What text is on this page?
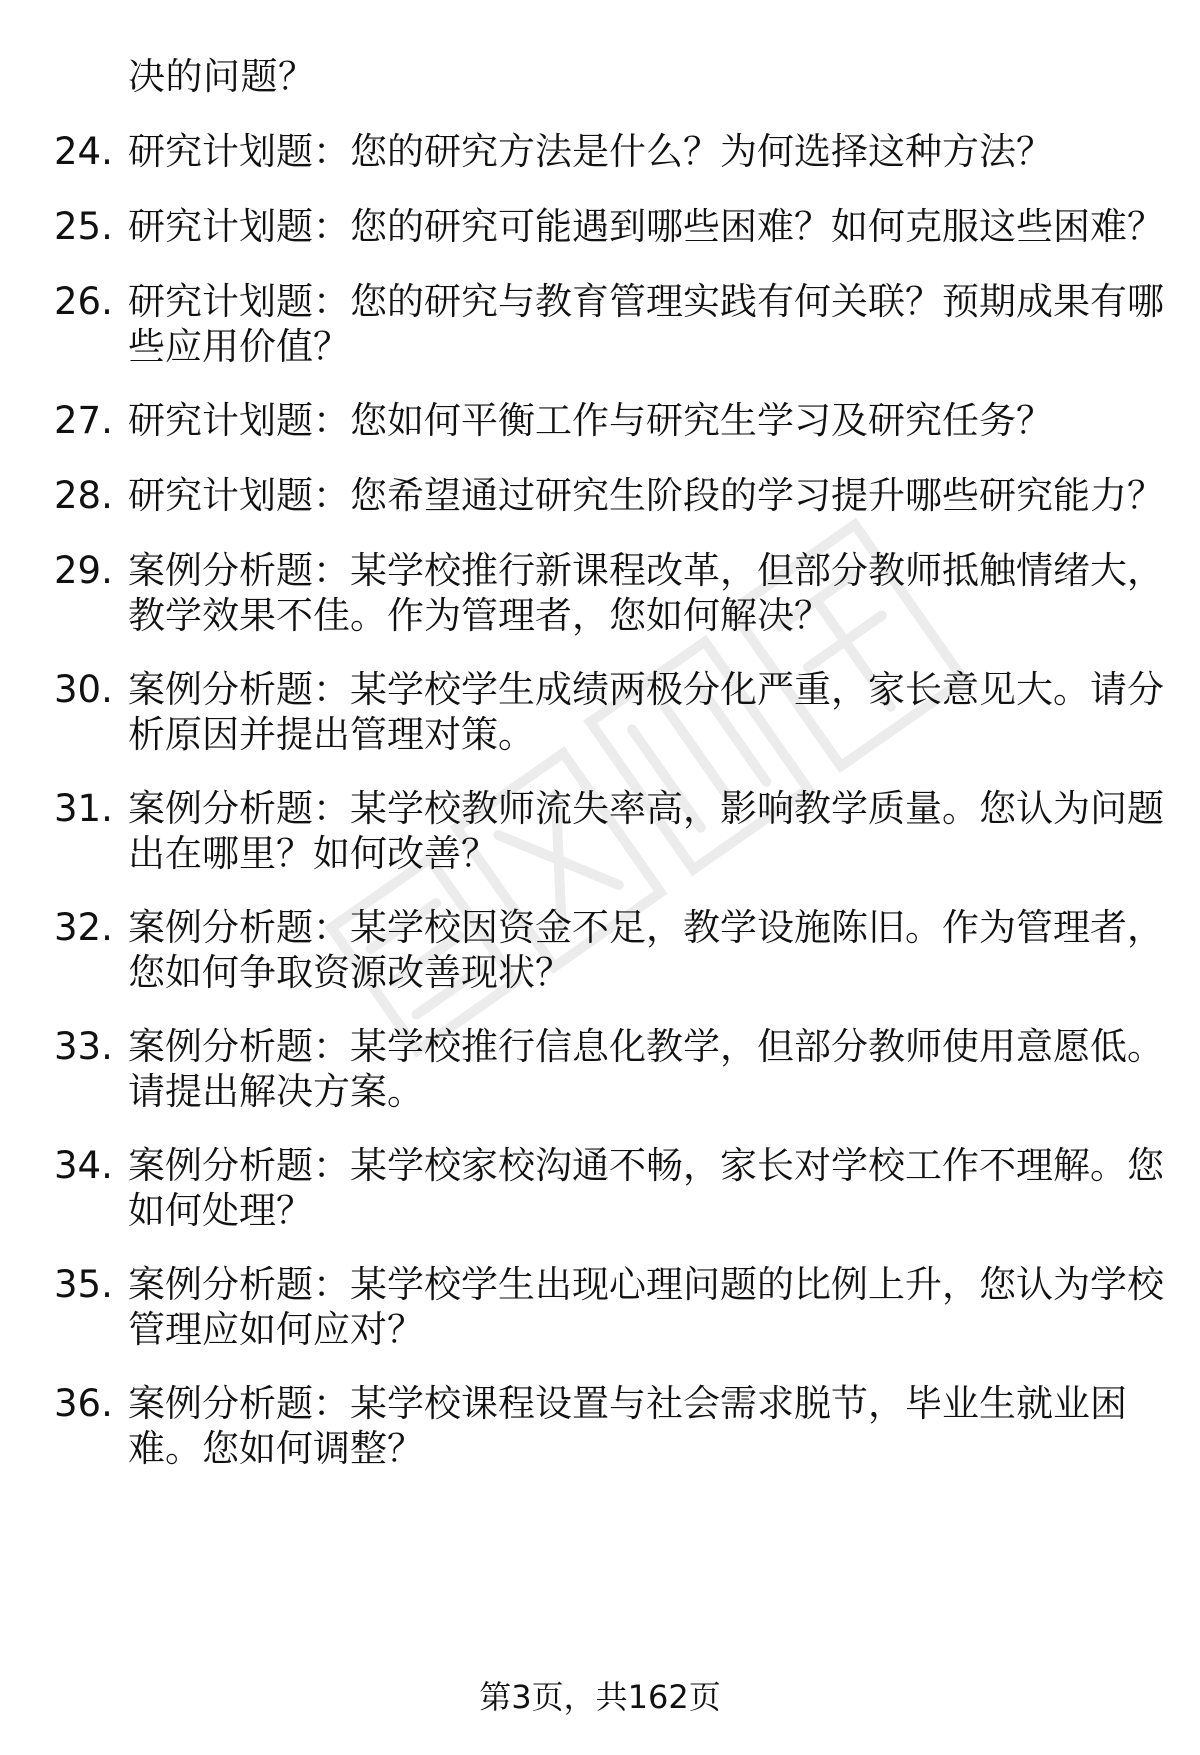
决的问题？
24. 研究计划题：您的研究方法是什么？为何选择这种方法？
25. 研究计划题：您的研究可能遇到哪些困难？如何克服这些困难？
26. 研究计划题：您的研究与教育管理实践有何关联？预期成果有哪
些应用价值？
27. 研究计划题：您如何平衡工作与研究生学习及研究任务？
28. 研究计划题：您希望通过研究生阶段的学习提升哪些研究能力？
29. 案例分析题：某学校推行新课程改革，但部分教师抵触情绪大，
教学效果不佳。作为管理者，您如何解决？
30. 案例分析题：某学校学生成绩两极分化严重，家长意见大。请分
析原因并提出管理对策。
31. 案例分析题：某学校教师流失率高，影响教学质量。您认为问题
出在哪里？如何改善？
32. 案例分析题：某学校因资金不足，教学设施陈旧。作为管理者，
您如何争取资源改善现状？
33. 案例分析题：某学校推行信息化教学，但部分教师使用意愿低。
请提出解决方案。
34. 案例分析题：某学校家校沟通不畅，家长对学校工作不理解。您
如何处理？
35. 案例分析题：某学校学生出现心理问题的比例上升，您认为学校
管理应如何应对？
36. 案例分析题：某学校课程设置与社会需求脱节，毕业生就业困
难。您如何调整？
第3页，共162页
